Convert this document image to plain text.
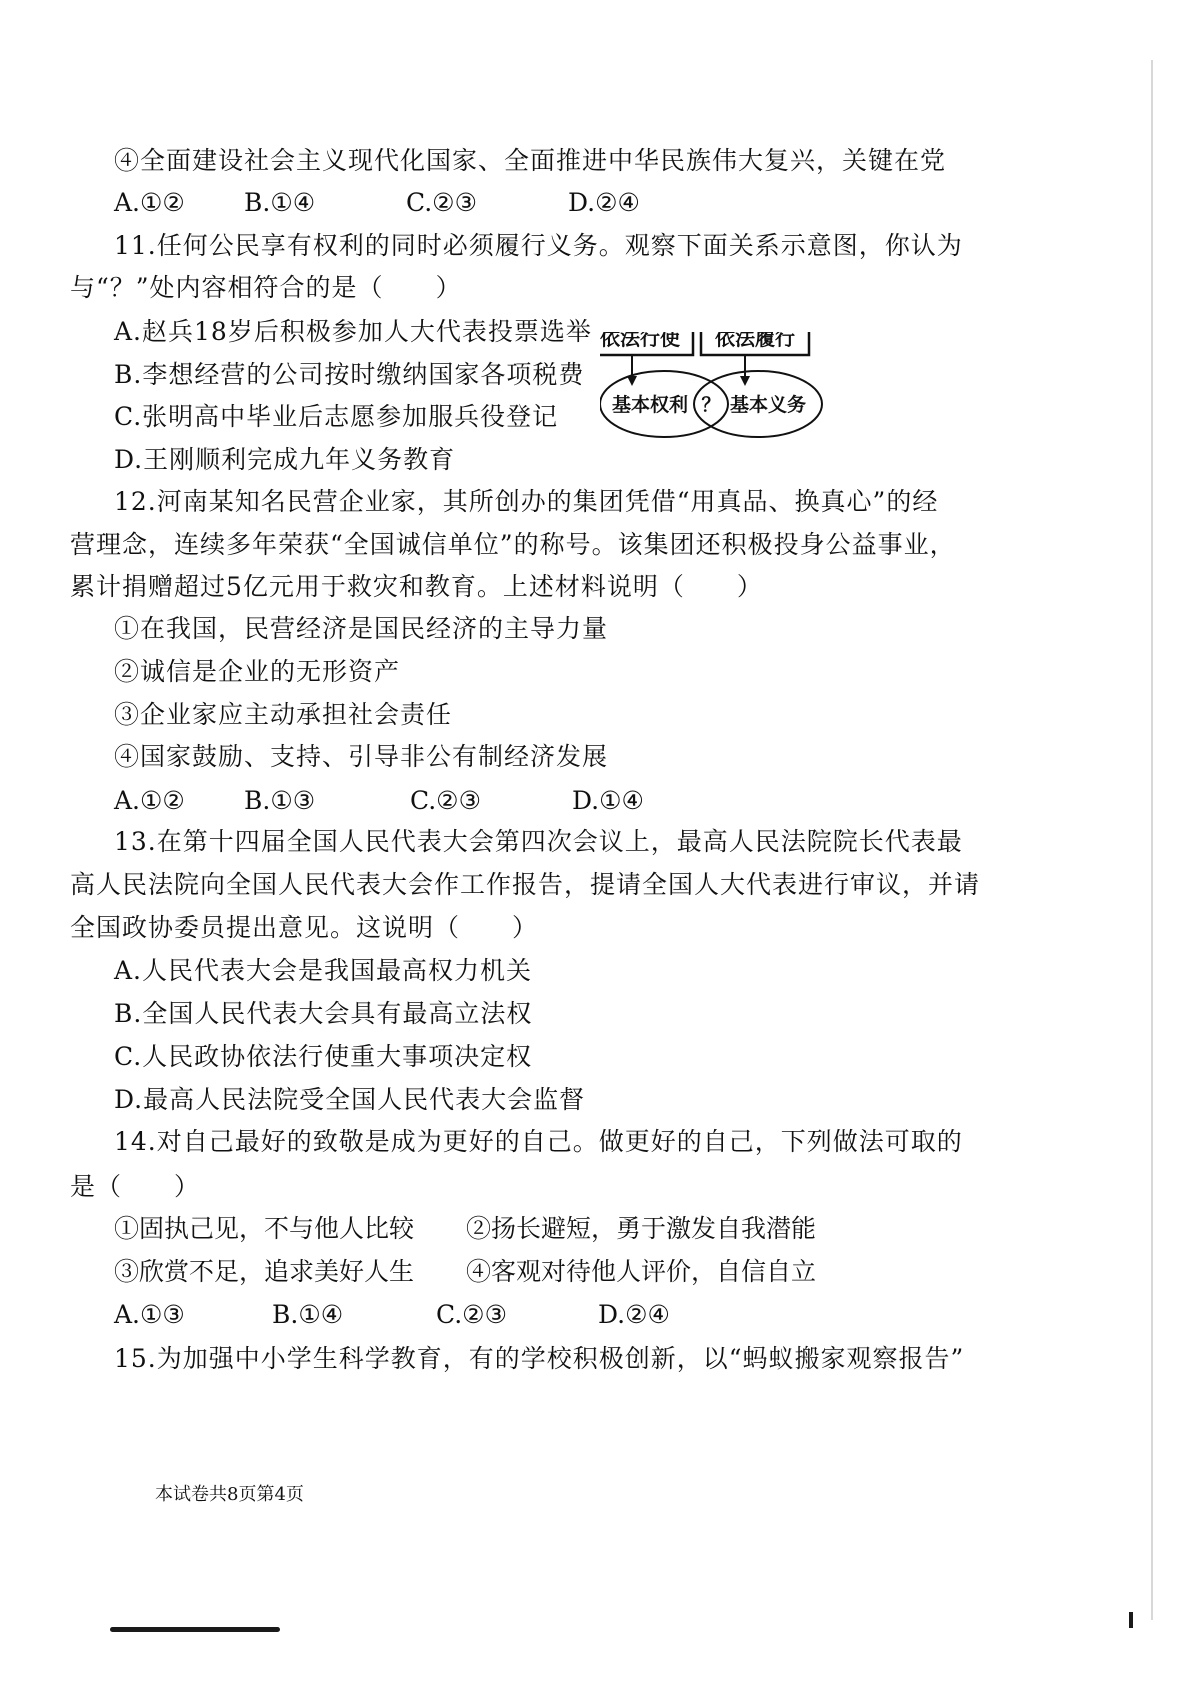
④全面建设社会主义现代化国家、全面推进中华民族伟大复兴，关键在党
A.①② B.①④	C.②③	D.②④
11.任何公民享有权利的同时必须履行义务。观察下面关系示意图，你认为
与“？”处内容相符合的是（　　）
A.赵兵18岁后积极参加人大代表投票选举
B.李想经营的公司按时缴纳国家各项税费
C.张明高中毕业后志愿参加服兵役登记
D.王刚顺利完成九年义务教育
依法行使 依法履行
基本权利 ？ 基本义务
12.河南某知名民营企业家，其所创办的集团凭借“用真品、换真心”的经
营理念，连续多年荣获“全国诚信单位”的称号。该集团还积极投身公益事业，
累计捐赠超过5亿元用于救灾和教育。上述材料说明（　　）
①在我国，民营经济是国民经济的主导力量
②诚信是企业的无形资产
③企业家应主动承担社会责任
④国家鼓励、支持、引导非公有制经济发展
A.①② B.①③	C.②③	D.①④
13.在第十四届全国人民代表大会第四次会议上，最高人民法院院长代表最
高人民法院向全国人民代表大会作工作报告，提请全国人大代表进行审议，并请
全国政协委员提出意见。这说明（　　）
A.人民代表大会是我国最高权力机关
B.全国人民代表大会具有最高立法权
C.人民政协依法行使重大事项决定权
D.最高人民法院受全国人民代表大会监督
14.对自己最好的致敬是成为更好的自己。做更好的自己，下列做法可取的
是（　　）
①固执己见，不与他人比较 ②扬长避短，勇于激发自我潜能
③欣赏不足，追求美好人生 ④客观对待他人评价，自信自立
A.①③	B.①④	C.②③	D.②④
15.为加强中小学生科学教育，有的学校积极创新，以“蚂蚁搬家观察报告”
本试卷共8页第4页
